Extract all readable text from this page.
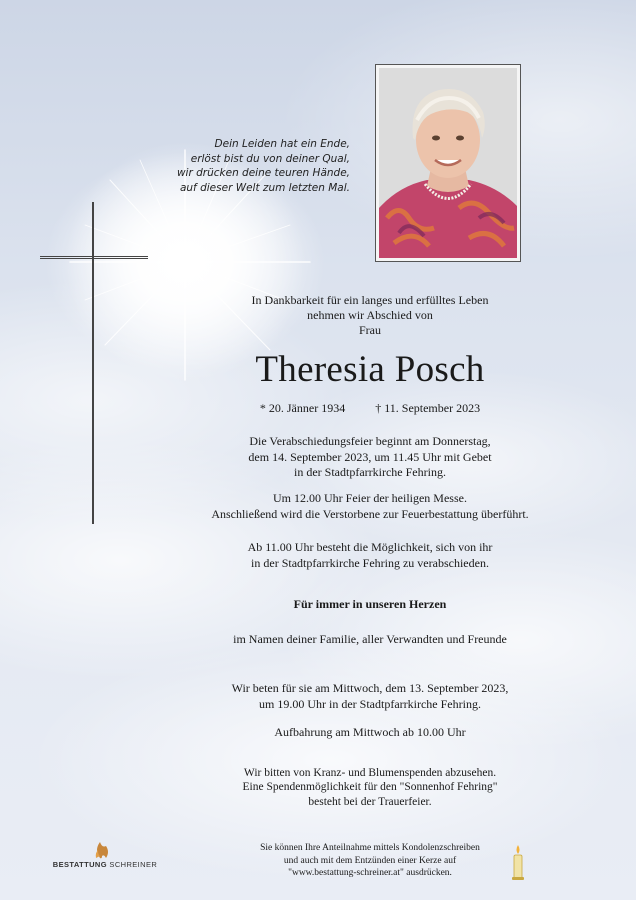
Dein Leiden hat ein Ende,
erlöst bist du von deiner Qual,
wir drücken deine teuren Hände,
auf dieser Welt zum letzten Mal.
In Dankbarkeit für ein langes und erfülltes Leben
nehmen wir Abschied von
Frau
Theresia Posch
* 20. Jänner 1934	† 11. September 2023
Die Verabschiedungsfeier beginnt am Donnerstag,
dem 14. September 2023, um 11.45 Uhr mit Gebet
in der Stadtpfarrkirche Fehring.
Um 12.00 Uhr Feier der heiligen Messe.
Anschließend wird die Verstorbene zur Feuerbestattung überführt.
Ab 11.00 Uhr besteht die Möglichkeit, sich von ihr
in der Stadtpfarrkirche Fehring zu verabschieden.
Für immer in unseren Herzen
im Namen deiner Familie, aller Verwandten und Freunde
Wir beten für sie am Mittwoch, dem 13. September 2023,
um 19.00 Uhr in der Stadtpfarrkirche Fehring.
Aufbahrung am Mittwoch ab 10.00 Uhr
Wir bitten von Kranz- und Blumenspenden abzusehen.
Eine Spendenmöglichkeit für den "Sonnenhof Fehring"
besteht bei der Trauerfeier.
Sie können Ihre Anteilnahme mittels Kondolenzschreiben
und auch mit dem Entzünden einer Kerze auf
"www.bestattung-schreiner.at" ausdrücken.
BESTATTUNG SCHREINER
